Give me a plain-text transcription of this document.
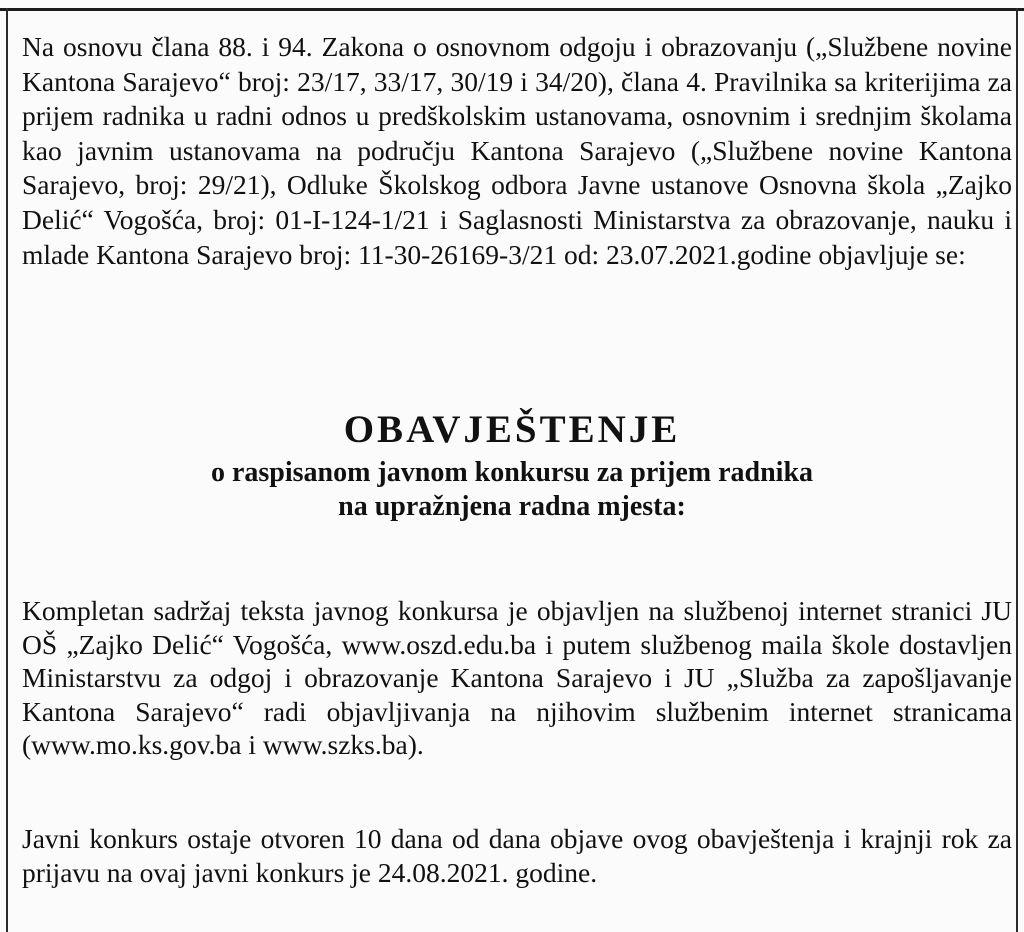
Na osnovu člana 88. i 94. Zakona o osnovnom odgoju i obrazovanju („Službene novine Kantona Sarajevo“ broj: 23/17, 33/17, 30/19 i 34/20), člana 4. Pravilnika sa kriterijima za prijem radnika u radni odnos u predškolskim ustanovama, osnovnim i srednjim školama kao javnim ustanovama na području Kantona Sarajevo („Službene novine Kantona Sarajevo, broj: 29/21), Odluke Školskog odbora Javne ustanove Osnovna škola „Zajko Delić“ Vogošća, broj: 01-I-124-1/21 i Saglasnosti Ministarstva za obrazovanje, nauku i mlade Kantona Sarajevo broj: 11-30-26169-3/21 od: 23.07.2021.godine objavljuje se:

OBAVJEŠTENJE

o raspisanom javnom konkursu za prijem radnika

na upražnjena radna mjesta:

Kompletan sadržaj teksta javnog konkursa je objavljen na službenoj internet stranici JU OŠ „Zajko Delić“ Vogošća, www.oszd.edu.ba i putem službenog maila škole dostavljen Ministarstvu za odgoj i obrazovanje Kantona Sarajevo i JU „Služba za zapošljavanje Kantona Sarajevo“ radi objavljivanja na njihovim službenim internet stranicama (www.mo.ks.gov.ba i www.szks.ba).

Javni konkurs ostaje otvoren 10 dana od dana objave ovog obavještenja i krajnji rok za prijavu na ovaj javni konkurs je 24.08.2021. godine.
